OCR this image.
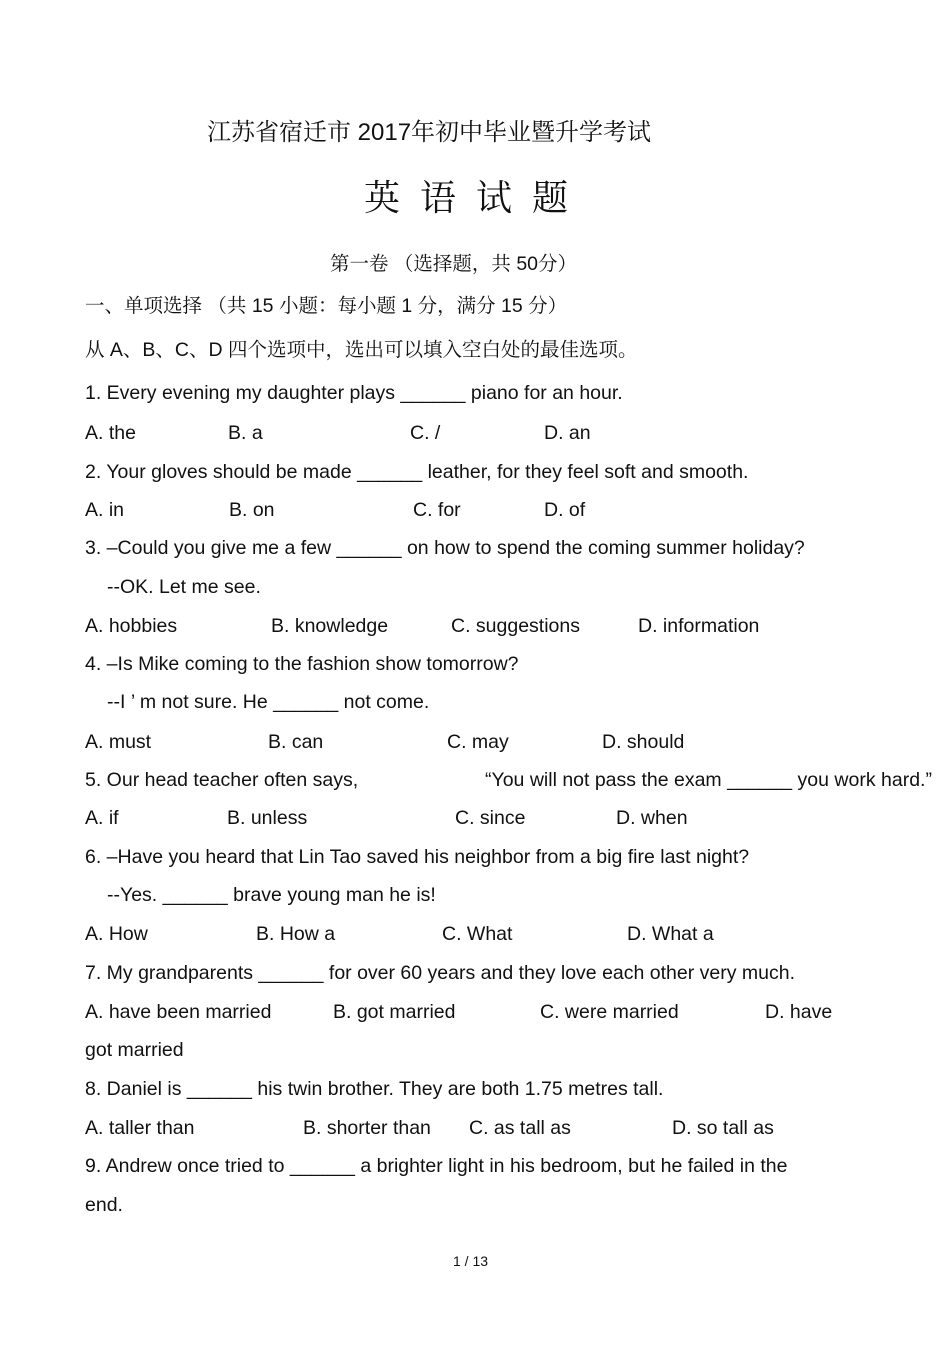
江苏省宿迁市 2017年初中毕业暨升学考试
英语试题
第一卷 （选择题，共 50分）
一、单项选择 （共 15 小题：每小题 1 分，满分 15 分）
从 A、B、C、D 四个选项中，选出可以填入空白处的最佳选项。
1. Every evening my daughter plays ______ piano for an hour.
A. the	B. a	C. /	D. an
2. Your gloves should be made ______ leather, for they feel soft and smooth.
A. in	B. on	C. for	D. of
3. –Could you give me a few ______ on how to spend the coming summer holiday?
--OK. Let me see.
A. hobbies	B. knowledge	C. suggestions	D. information
4. –Is Mike coming to the fashion show tomorrow?
--I ’ m not sure. He ______ not come.
A. must	B. can	C. may	D. should
5. Our head teacher often says,	“You will not pass the exam ______ you work hard.”
A. if	B. unless	C. since	D. when
6. –Have you heard that Lin Tao saved his neighbor from a big fire last night?
--Yes. ______ brave young man he is!
A. How	B. How a	C. What	D. What a
7. My grandparents ______ for over 60 years and they love each other very much.
A. have been married	B. got married	C. were married	D. have
got married
8. Daniel is ______ his twin brother. They are both 1.75 metres tall.
A. taller than	B. shorter than C. as tall as	D. so tall as
9. Andrew once tried to ______ a brighter light in his bedroom, but he failed in the
end.
1 / 13
